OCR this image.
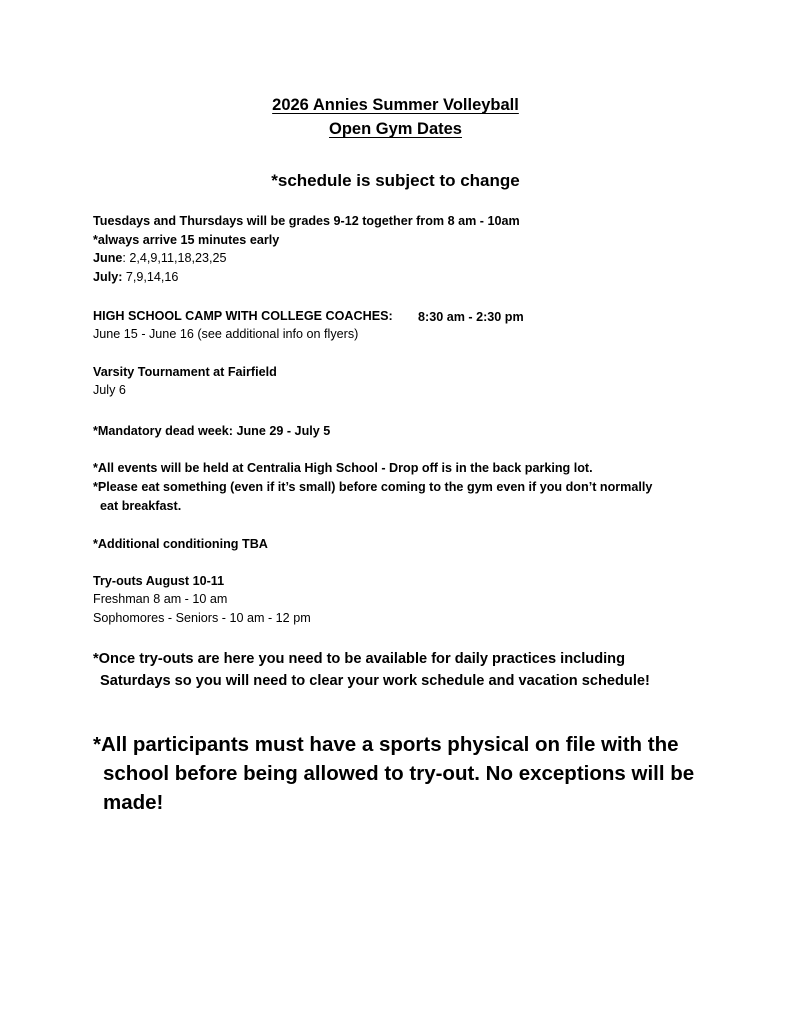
2026 Annies Summer Volleyball
Open Gym Dates
*schedule is subject to change
Tuesdays and Thursdays will be grades 9-12 together from 8 am - 10am
*always arrive 15 minutes early
June: 2,4,9,11,18,23,25
July: 7,9,14,16
HIGH SCHOOL CAMP WITH COLLEGE COACHES: 8:30 am - 2:30 pm
June 15 - June 16 (see additional info on flyers)
Varsity Tournament at Fairfield
July 6
*Mandatory dead week: June 29 - July 5
*All events will be held at Centralia High School - Drop off is in the back parking lot.
*Please eat something (even if it’s small) before coming to the gym even if you don’t normally
eat breakfast.
*Additional conditioning TBA
Try-outs August 10-11
Freshman 8 am - 10 am
Sophomores - Seniors - 10 am - 12 pm
*Once try-outs are here you need to be available for daily practices including
Saturdays so you will need to clear your work schedule and vacation schedule!
*All participants must have a sports physical on file with the
school before being allowed to try-out. No exceptions will be
made!
